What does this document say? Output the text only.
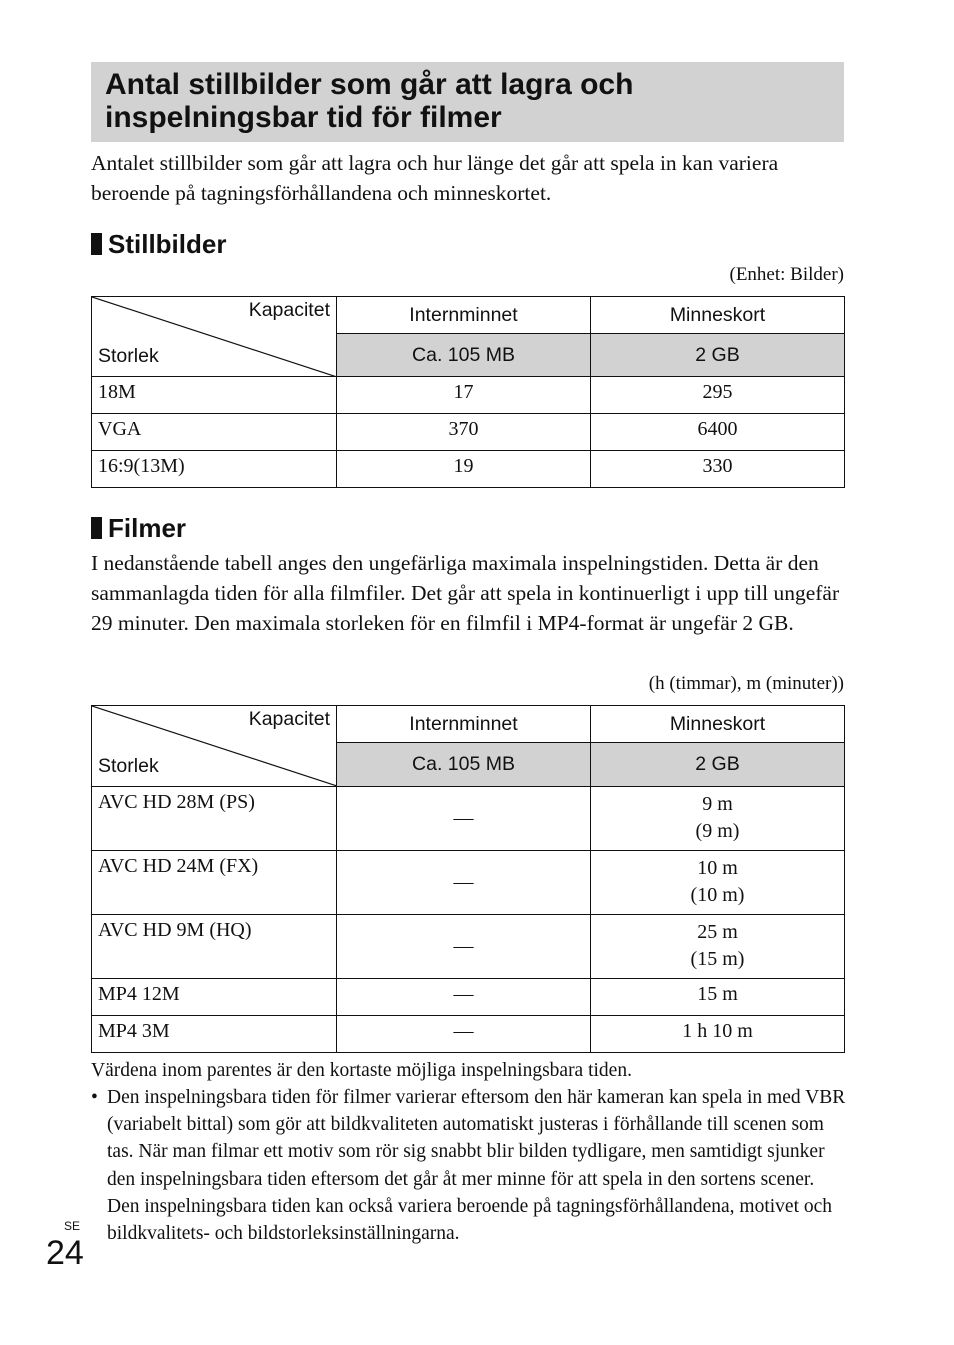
Antal stillbilder som går att lagra och
inspelningsbar tid för filmer
Antalet stillbilder som går att lagra och hur länge det går att spela in kan variera beroende på tagningsförhållandena och minneskortet.
Stillbilder
(Enhet: Bilder)
Kapacitet
Storlek	Internminnet	Minneskort
	Ca. 105 MB	2 GB
18M	17	295
VGA	370	6400
16:9(13M)	19	330
Filmer
I nedanstående tabell anges den ungefärliga maximala inspelningstiden. Detta är den sammanlagda tiden för alla filmfiler. Det går att spela in kontinuerligt i upp till ungefär 29 minuter. Den maximala storleken för en filmfil i MP4-format är ungefär 2 GB.
(h (timmar), m (minuter))
Kapacitet
Storlek	Internminnet	Minneskort
	Ca. 105 MB	2 GB
AVC HD 28M (PS)	—	9 m
(9 m)

AVC HD 24M (FX)	—	10 m
(10 m)

AVC HD 9M (HQ)	—	25 m
(15 m)

MP4 12M	—	15 m
MP4 3M	—	1 h 10 m
Värdena inom parentes är den kortaste möjliga inspelningsbara tiden.
• Den inspelningsbara tiden för filmer varierar eftersom den här kameran kan spela in med VBR (variabelt bittal) som gör att bildkvaliteten automatiskt justeras i förhållande till scenen som tas. När man filmar ett motiv som rör sig snabbt blir bilden tydligare, men samtidigt sjunker den inspelningsbara tiden eftersom det går åt mer minne för att spela in den sortens scener.
Den inspelningsbara tiden kan också variera beroende på tagningsförhållandena, motivet och bildkvalitets- och bildstorleksinställningarna.
SE
24
